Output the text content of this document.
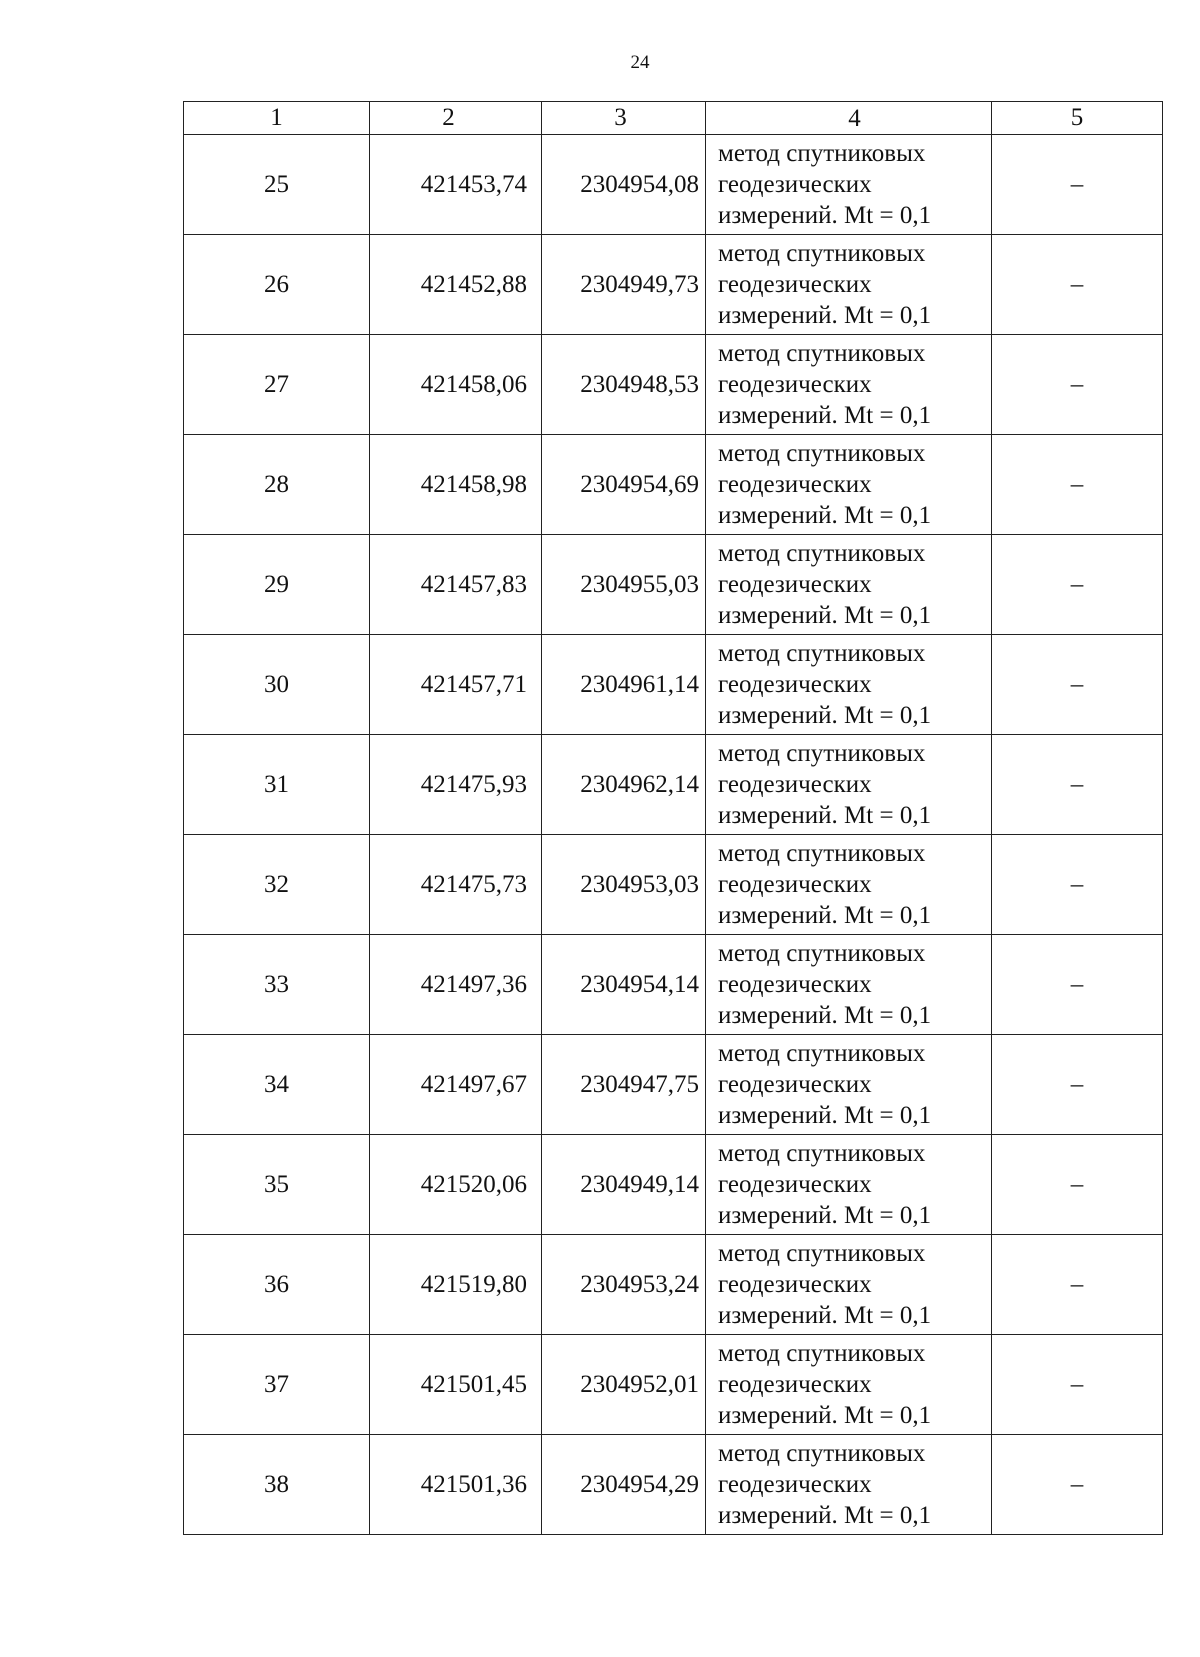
24
1	2	3	4	5
25	421453,74	2304954,08	метод спутниковых
геодезических
измерений. Mt = 0,1	–
26	421452,88	2304949,73	метод спутниковых
геодезических
измерений. Mt = 0,1	–
27	421458,06	2304948,53	метод спутниковых
геодезических
измерений. Mt = 0,1	–
28	421458,98	2304954,69	метод спутниковых
геодезических
измерений. Mt = 0,1	–
29	421457,83	2304955,03	метод спутниковых
геодезических
измерений. Mt = 0,1	–
30	421457,71	2304961,14	метод спутниковых
геодезических
измерений. Mt = 0,1	–
31	421475,93	2304962,14	метод спутниковых
геодезических
измерений. Mt = 0,1	–
32	421475,73	2304953,03	метод спутниковых
геодезических
измерений. Mt = 0,1	–
33	421497,36	2304954,14	метод спутниковых
геодезических
измерений. Mt = 0,1	–
34	421497,67	2304947,75	метод спутниковых
геодезических
измерений. Mt = 0,1	–
35	421520,06	2304949,14	метод спутниковых
геодезических
измерений. Mt = 0,1	–
36	421519,80	2304953,24	метод спутниковых
геодезических
измерений. Mt = 0,1	–
37	421501,45	2304952,01	метод спутниковых
геодезических
измерений. Mt = 0,1	–
38	421501,36	2304954,29	метод спутниковых
геодезических
измерений. Mt = 0,1	–
